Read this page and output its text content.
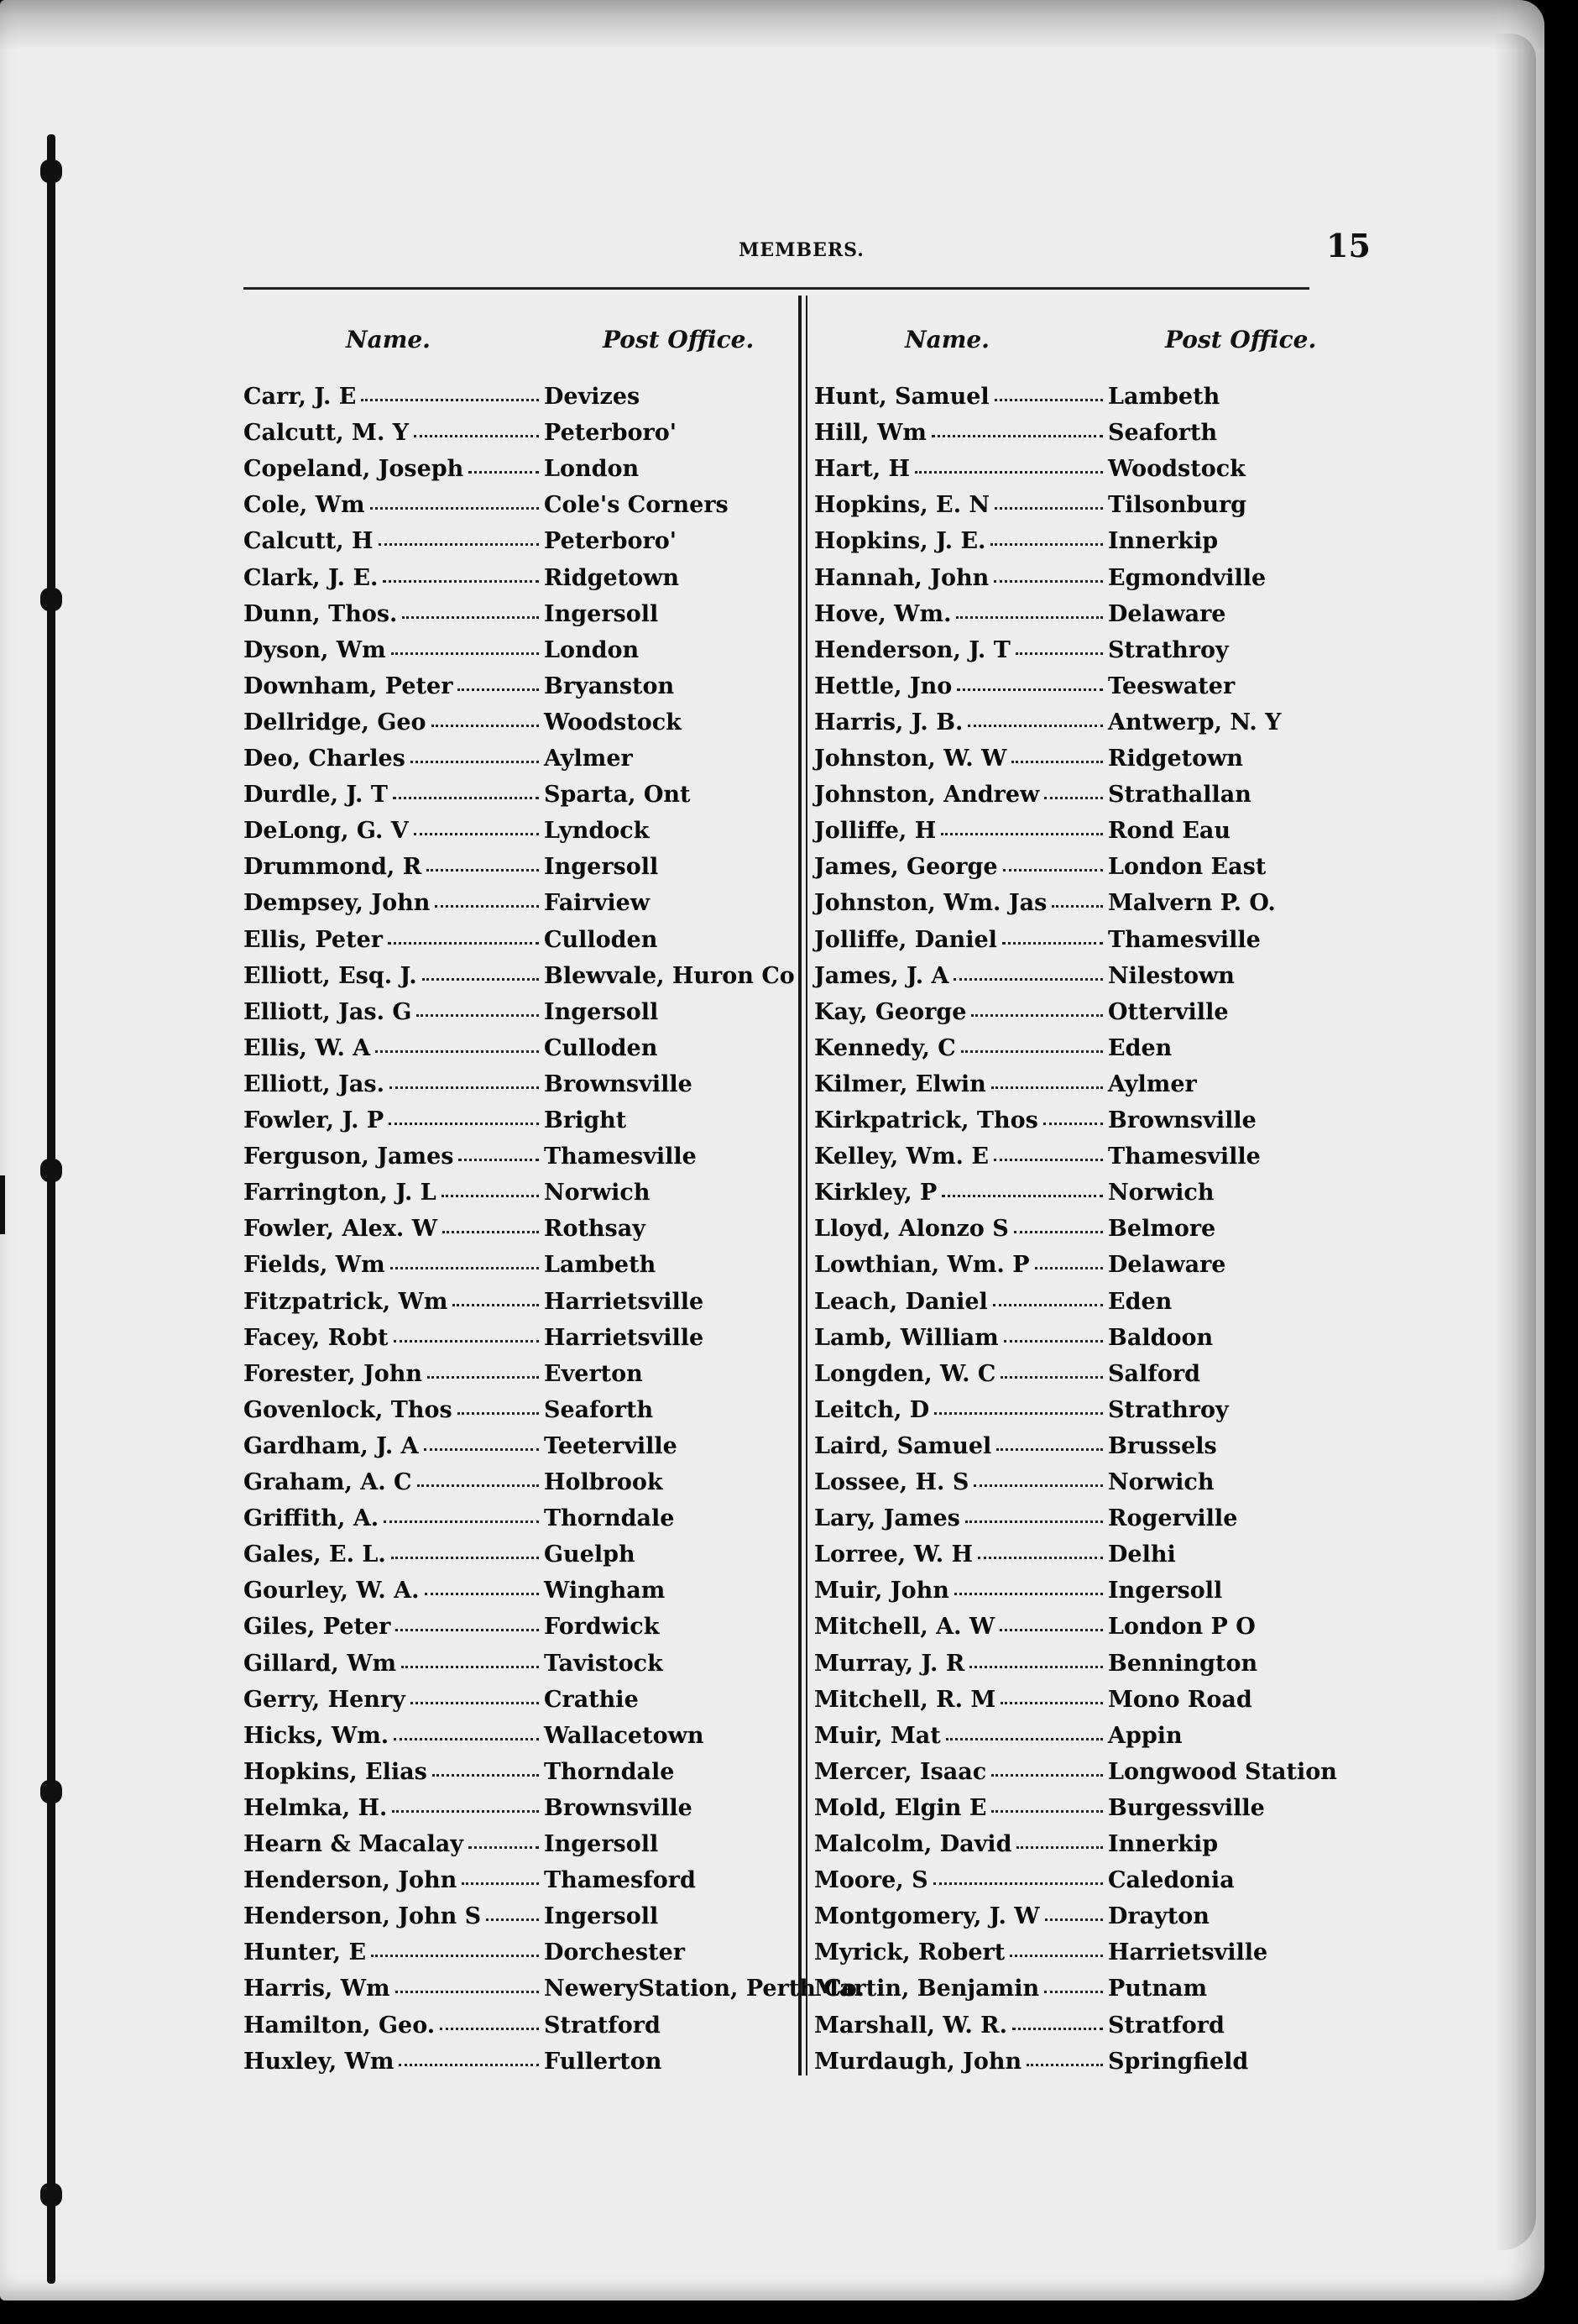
MEMBERS.	15
Name.	Post Office.	Name.	Post Office.
Carr, J. E	Devizes
Calcutt, M. Y	Peterboro'
Copeland, Joseph	London
Cole, Wm	Cole's Corners
Calcutt, H	Peterboro'
Clark, J. E.	Ridgetown
Dunn, Thos.	Ingersoll
Dyson, Wm	London
Downham, Peter	Bryanston
Dellridge, Geo	Woodstock
Deo, Charles	Aylmer
Durdle, J. T	Sparta, Ont
DeLong, G. V	Lyndock
Drummond, R	Ingersoll
Dempsey, John	Fairview
Ellis, Peter	Culloden
Elliott, Esq. J.	Blewvale, Huron Co
Elliott, Jas. G	Ingersoll
Ellis, W. A	Culloden
Elliott, Jas.	Brownsville
Fowler, J. P	Bright
Ferguson, James	Thamesville
Farrington, J. L	Norwich
Fowler, Alex. W	Rothsay
Fields, Wm	Lambeth
Fitzpatrick, Wm	Harrietsville
Facey, Robt	Harrietsville
Forester, John	Everton
Govenlock, Thos	Seaforth
Gardham, J. A	Teeterville
Graham, A. C	Holbrook
Griffith, A.	Thorndale
Gales, E. L.	Guelph
Gourley, W. A.	Wingham
Giles, Peter	Fordwick
Gillard, Wm	Tavistock
Gerry, Henry	Crathie
Hicks, Wm.	Wallacetown
Hopkins, Elias	Thorndale
Helmka, H.	Brownsville
Hearn & Macalay	Ingersoll
Henderson, John	Thamesford
Henderson, John S	Ingersoll
Hunter, E	Dorchester
Harris, Wm	NeweryStation, Perth Co.
Hamilton, Geo.	Stratford
Huxley, Wm	Fullerton
Hunt, Samuel	Lambeth
Hill, Wm	Seaforth
Hart, H	Woodstock
Hopkins, E. N	Tilsonburg
Hopkins, J. E.	Innerkip
Hannah, John	Egmondville
Hove, Wm.	Delaware
Henderson, J. T	Strathroy
Hettle, Jno	Teeswater
Harris, J. B.	Antwerp, N. Y
Johnston, W. W	Ridgetown
Johnston, Andrew	Strathallan
Jolliffe, H	Rond Eau
James, George	London East
Johnston, Wm. Jas	Malvern P. O.
Jolliffe, Daniel	Thamesville
James, J. A	Nilestown
Kay, George	Otterville
Kennedy, C	Eden
Kilmer, Elwin	Aylmer
Kirkpatrick, Thos	Brownsville
Kelley, Wm. E	Thamesville
Kirkley, P	Norwich
Lloyd, Alonzo S	Belmore
Lowthian, Wm. P	Delaware
Leach, Daniel	Eden
Lamb, William	Baldoon
Longden, W. C	Salford
Leitch, D	Strathroy
Laird, Samuel	Brussels
Lossee, H. S	Norwich
Lary, James	Rogerville
Lorree, W. H	Delhi
Muir, John	Ingersoll
Mitchell, A. W	London P O
Murray, J. R	Bennington
Mitchell, R. M	Mono Road
Muir, Mat	Appin
Mercer, Isaac	Longwood Station
Mold, Elgin E	Burgessville
Malcolm, David	Innerkip
Moore, S	Caledonia
Montgomery, J. W	Drayton
Myrick, Robert	Harrietsville
Martin, Benjamin	Putnam
Marshall, W. R.	Stratford
Murdaugh, John	Springfield
